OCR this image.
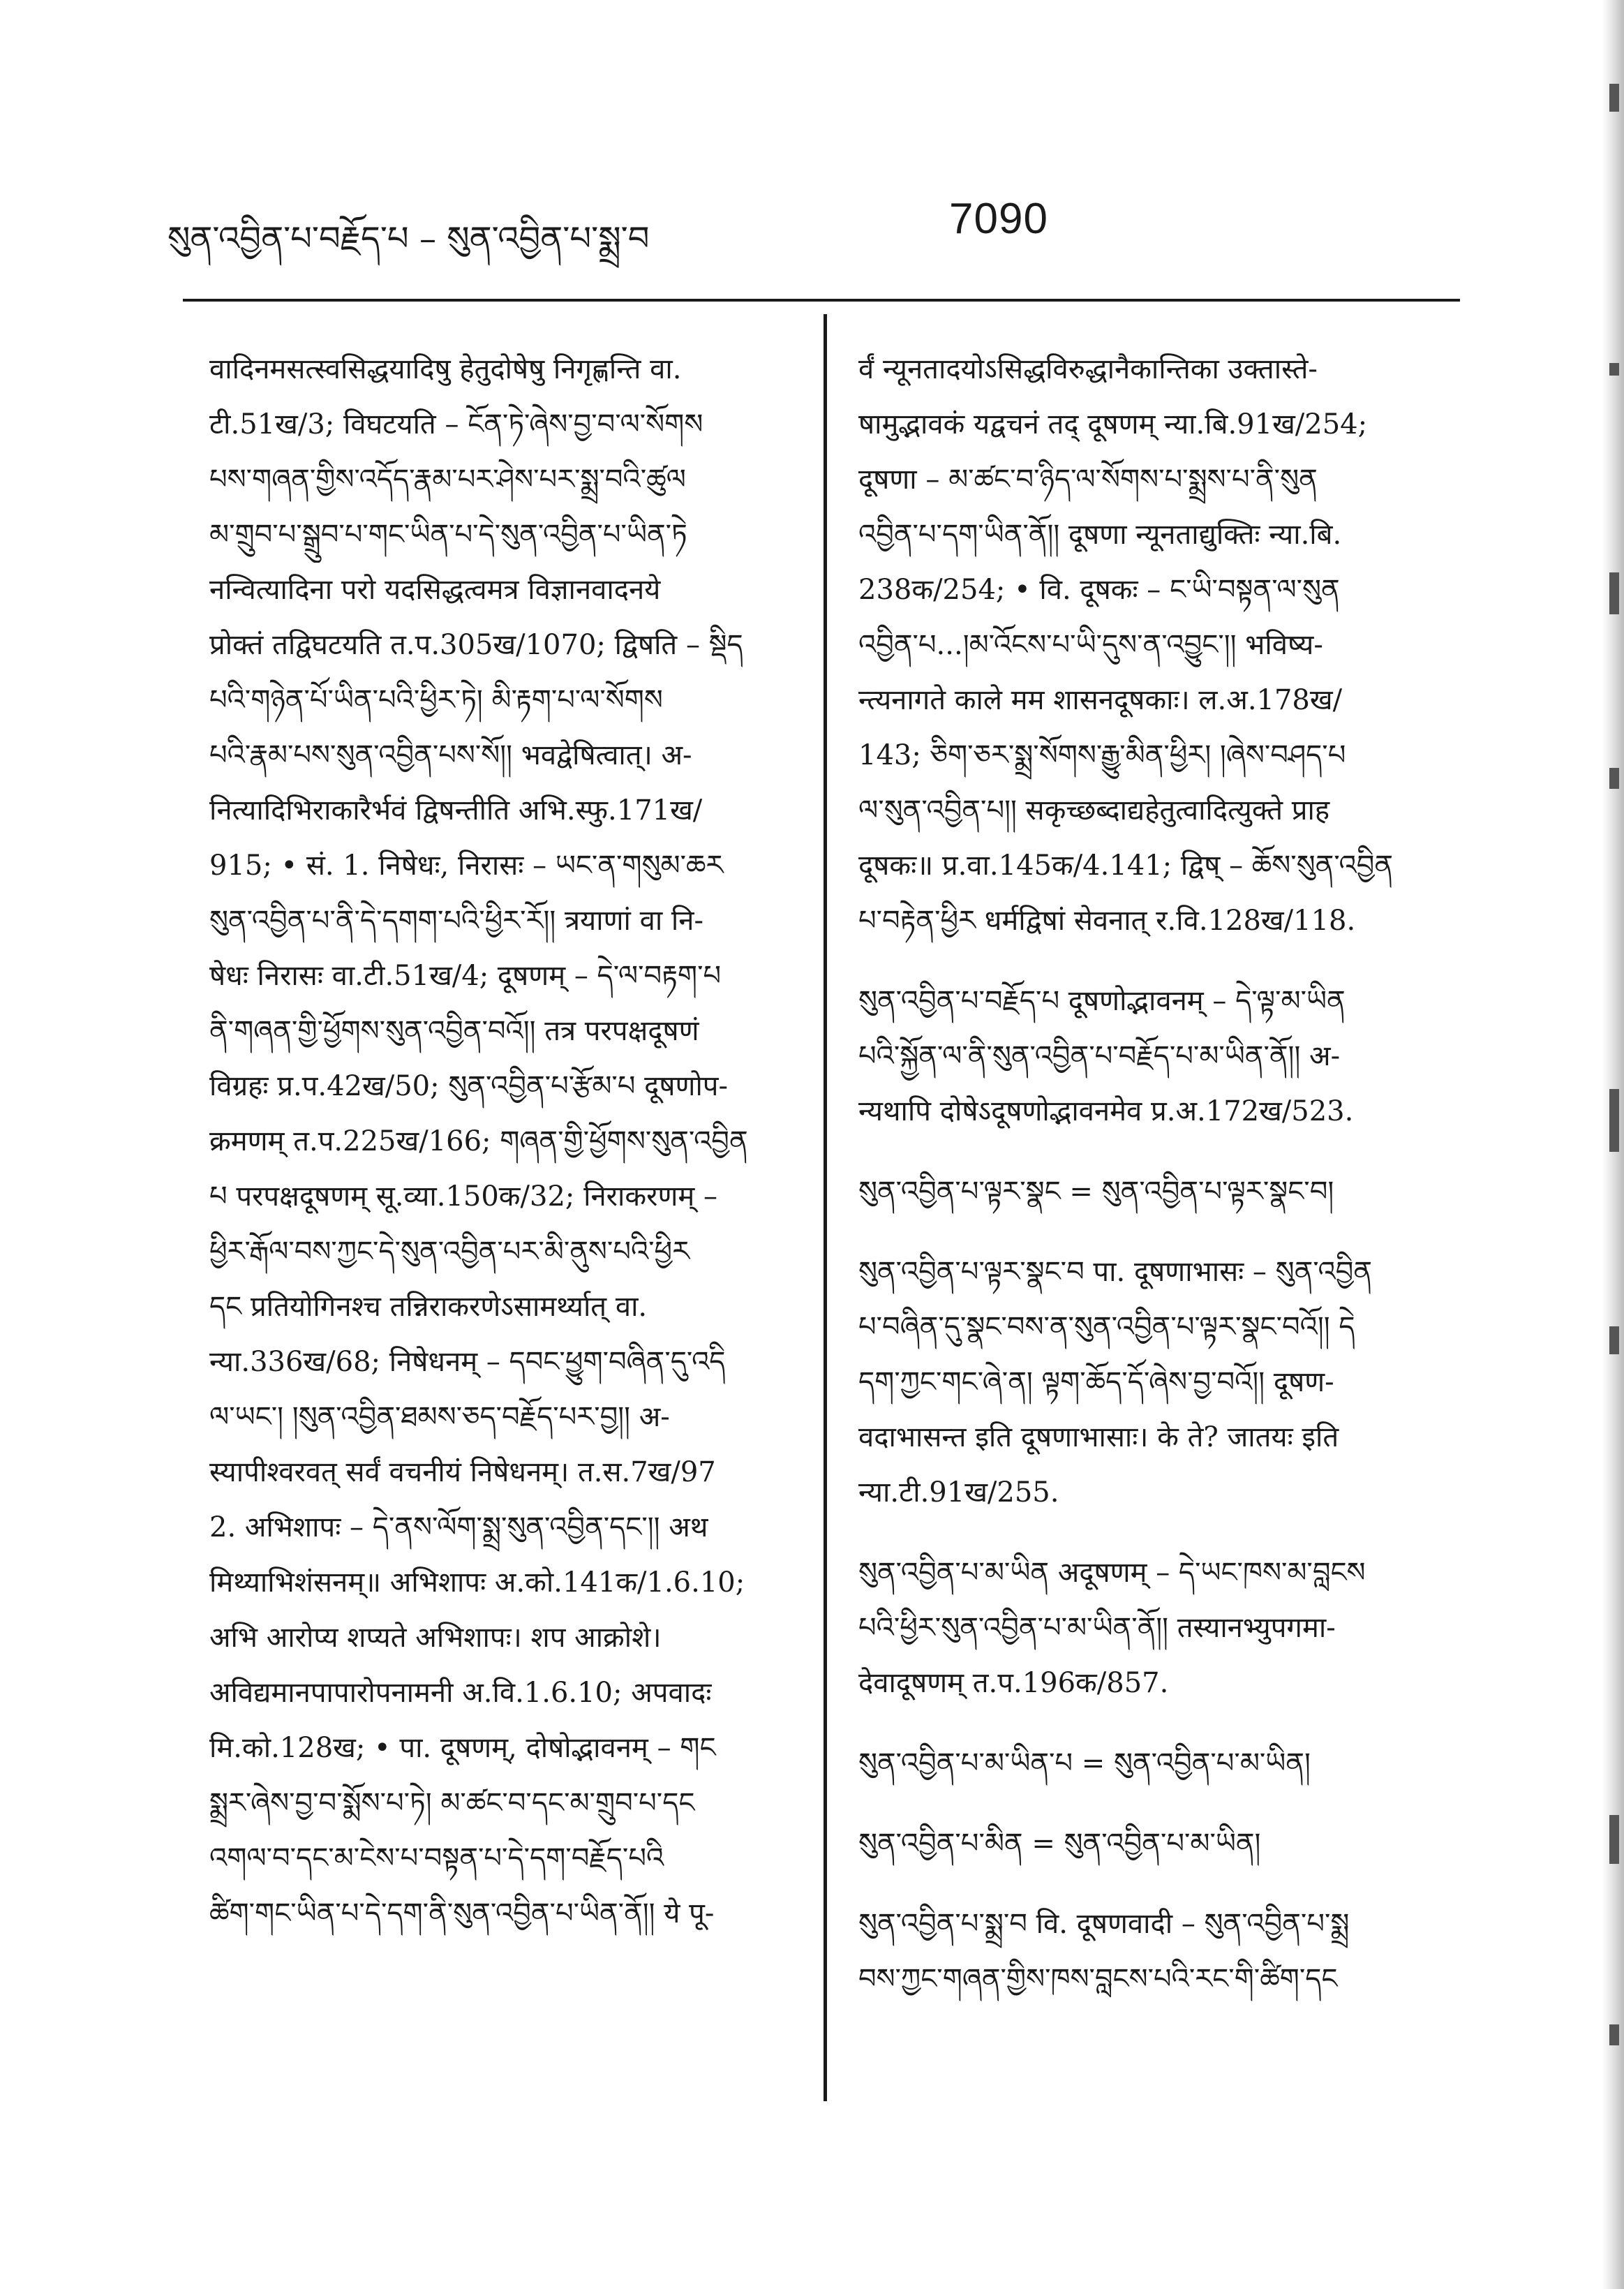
སུན་འབྱིན་པ་བརྗོད་པ – སུན་འབྱིན་པ་སྨྲ་བ	7090
वादिनमसत्स्वसिद्धयादिषु हेतुदोषेषु निगृह्णन्ति वा.
टी.51ख/3; विघटयति – ངོན་ཏེ་ཞེས་བྱ་བ་ལ་སོགས
པས་གཞན་གྱིས་འདོད་རྣམ་པར་ཤེས་པར་སྨྲ་བའི་ཚུལ
མ་གྲུབ་པ་སྒྲུབ་པ་གང་ཡིན་པ་དེ་སུན་འབྱིན་པ་ཡིན་ཏེ
नन्वित्यादिना परो यदसिद्धत्वमत्र विज्ञानवादनये
प्रोक्तं तद्विघटयति त.प.305ख/1070; द्विषति – སྡིད
པའི་གཉེན་པོ་ཡིན་པའི་ཕྱིར་ཏེ། མི་རྟག་པ་ལ་སོགས
པའི་རྣམ་པས་སུན་འབྱིན་པས་སོ།། भवद्वेषित्वात्। अ-
नित्यादिभिराकारैर्भवं द्विषन्तीति अभि.स्फु.171ख/
915; • सं. 1. निषेधः, निरासः – ཡང་ན་གསུམ་ཆར
སུན་འབྱིན་པ་ནི་དེ་དགག་པའི་ཕྱིར་རོ།། त्रयाणां वा नि-
षेधः निरासः वा.टी.51ख/4; दूषणम् – དེ་ལ་བརྟག་པ
ནི་གཞན་གྱི་ཕྱོགས་སུན་འབྱིན་བའོ།། तत्र परपक्षदूषणं
विग्रहः प्र.प.42ख/50; སུན་འབྱིན་པ་རྩོམ་པ दूषणोप-
क्रमणम् त.प.225ख/166; གཞན་གྱི་ཕྱོགས་སུན་འབྱིན
པ परपक्षदूषणम् सू.व्या.150क/32; निराकरणम् –
ཕྱིར་རྒོལ་བས་ཀྱང་དེ་སུན་འབྱིན་པར་མི་ནུས་པའི་ཕྱིར
དང प्रतियोगिनश्च तन्निराकरणेऽसामर्थ्यात् वा.
न्या.336ख/68; निषेधनम् – དབང་ཕྱུག་བཞིན་དུ་འདི
ལ་ཡང་། །སུན་འབྱིན་ཐམས་ཅད་བརྗོད་པར་བྱ།། अ-
स्यापीश्वरवत् सर्वं वचनीयं निषेधनम्। त.स.7ख/97
2. अभिशापः – དེ་ནས་ལོག་སྨྲ་སུན་འབྱིན་དང་།། अथ
मिथ्याभिशंसनम्॥ अभिशापः अ.को.141क/1.6.10;
अभि आरोप्य शप्यते अभिशापः। शप आक्रोशे।
अविद्यमानपापारोपनामनी अ.वि.1.6.10; अपवादः
मि.को.128ख; • पा. दूषणम्, दोषोद्भावनम् – གང
སྨྲར་ཞེས་བྱ་བ་སྨོས་པ་ཏེ། མ་ཚང་བ་དང་མ་གྲུབ་པ་དང
འགལ་བ་དང་མ་ངེས་པ་བསྟན་པ་དེ་དག་བརྗོད་པའི
ཚིག་གང་ཡིན་པ་དེ་དག་ནི་སུན་འབྱིན་པ་ཡིན་ནོ།། ये पू-
र्वं न्यूनतादयोऽसिद्धविरुद्धानैकान्तिका उक्तास्ते-
षामुद्भावकं यद्वचनं तद् दूषणम् न्या.बि.91ख/254;
दूषणा – མ་ཚང་བ་ཉིད་ལ་སོགས་པ་སྨྲས་པ་ནི་སུན
འབྱིན་པ་དག་ཡིན་ནོ།། दूषणा न्यूनताद्युक्तिः न्या.बि.
238क/254; • वि. दूषकः – ང་ཡི་བསྟན་ལ་སུན
འབྱིན་པ...།མ་འོངས་པ་ཡི་དུས་ན་འབྱུང་།། भविष्य-
न्त्यनागते काले मम शासनदूषकाः। ल.अ.178ख/
143; ཅིག་ཅར་སྨྲ་སོགས་རྒྱུ་མིན་ཕྱིར། །ཞེས་བཤད་པ
ལ་སུན་འབྱིན་པ།། सकृच्छब्दाद्यहेतुत्वादित्युक्ते प्राह
दूषकः॥ प्र.वा.145क/4.141; द्विष् – ཆོས་སུན་འབྱིན
པ་བརྟེན་ཕྱིར धर्मद्विषां सेवनात् र.वि.128ख/118.
སུན་འབྱིན་པ་བརྗོད་པ दूषणोद्भावनम् – དེ་ལྟ་མ་ཡིན
པའི་སྐྱོན་ལ་ནི་སུན་འབྱིན་པ་བརྗོད་པ་མ་ཡིན་ནོ།། अ-
न्यथापि दोषेऽदूषणोद्भावनमेव प्र.अ.172ख/523.
སུན་འབྱིན་པ་ལྟར་སྣང = སུན་འབྱིན་པ་ལྟར་སྣང་བ།
སུན་འབྱིན་པ་ལྟར་སྣང་བ पा. दूषणाभासः – སུན་འབྱིན
པ་བཞིན་དུ་སྣང་བས་ན་སུན་འབྱིན་པ་ལྟར་སྣང་བའོ།། དེ
དག་ཀྱང་གང་ཞེ་ན། ལྟག་ཆོད་དོ་ཞེས་བྱ་བའོ།། दूषण-
वदाभासन्त इति दूषणाभासाः। के ते? जातयः इति
न्या.टी.91ख/255.
སུན་འབྱིན་པ་མ་ཡིན अदूषणम् – དེ་ཡང་ཁས་མ་བླངས
པའི་ཕྱིར་སུན་འབྱིན་པ་མ་ཡིན་ནོ།། तस्यानभ्युपगमा-
देवादूषणम् त.प.196क/857.
སུན་འབྱིན་པ་མ་ཡིན་པ = སུན་འབྱིན་པ་མ་ཡིན།
སུན་འབྱིན་པ་མིན = སུན་འབྱིན་པ་མ་ཡིན།
སུན་འབྱིན་པ་སྨྲ་བ वि. दूषणवादी – སུན་འབྱིན་པ་སྨྲ
བས་ཀྱང་གཞན་གྱིས་ཁས་བླངས་པའི་རང་གི་ཚིག་དང
